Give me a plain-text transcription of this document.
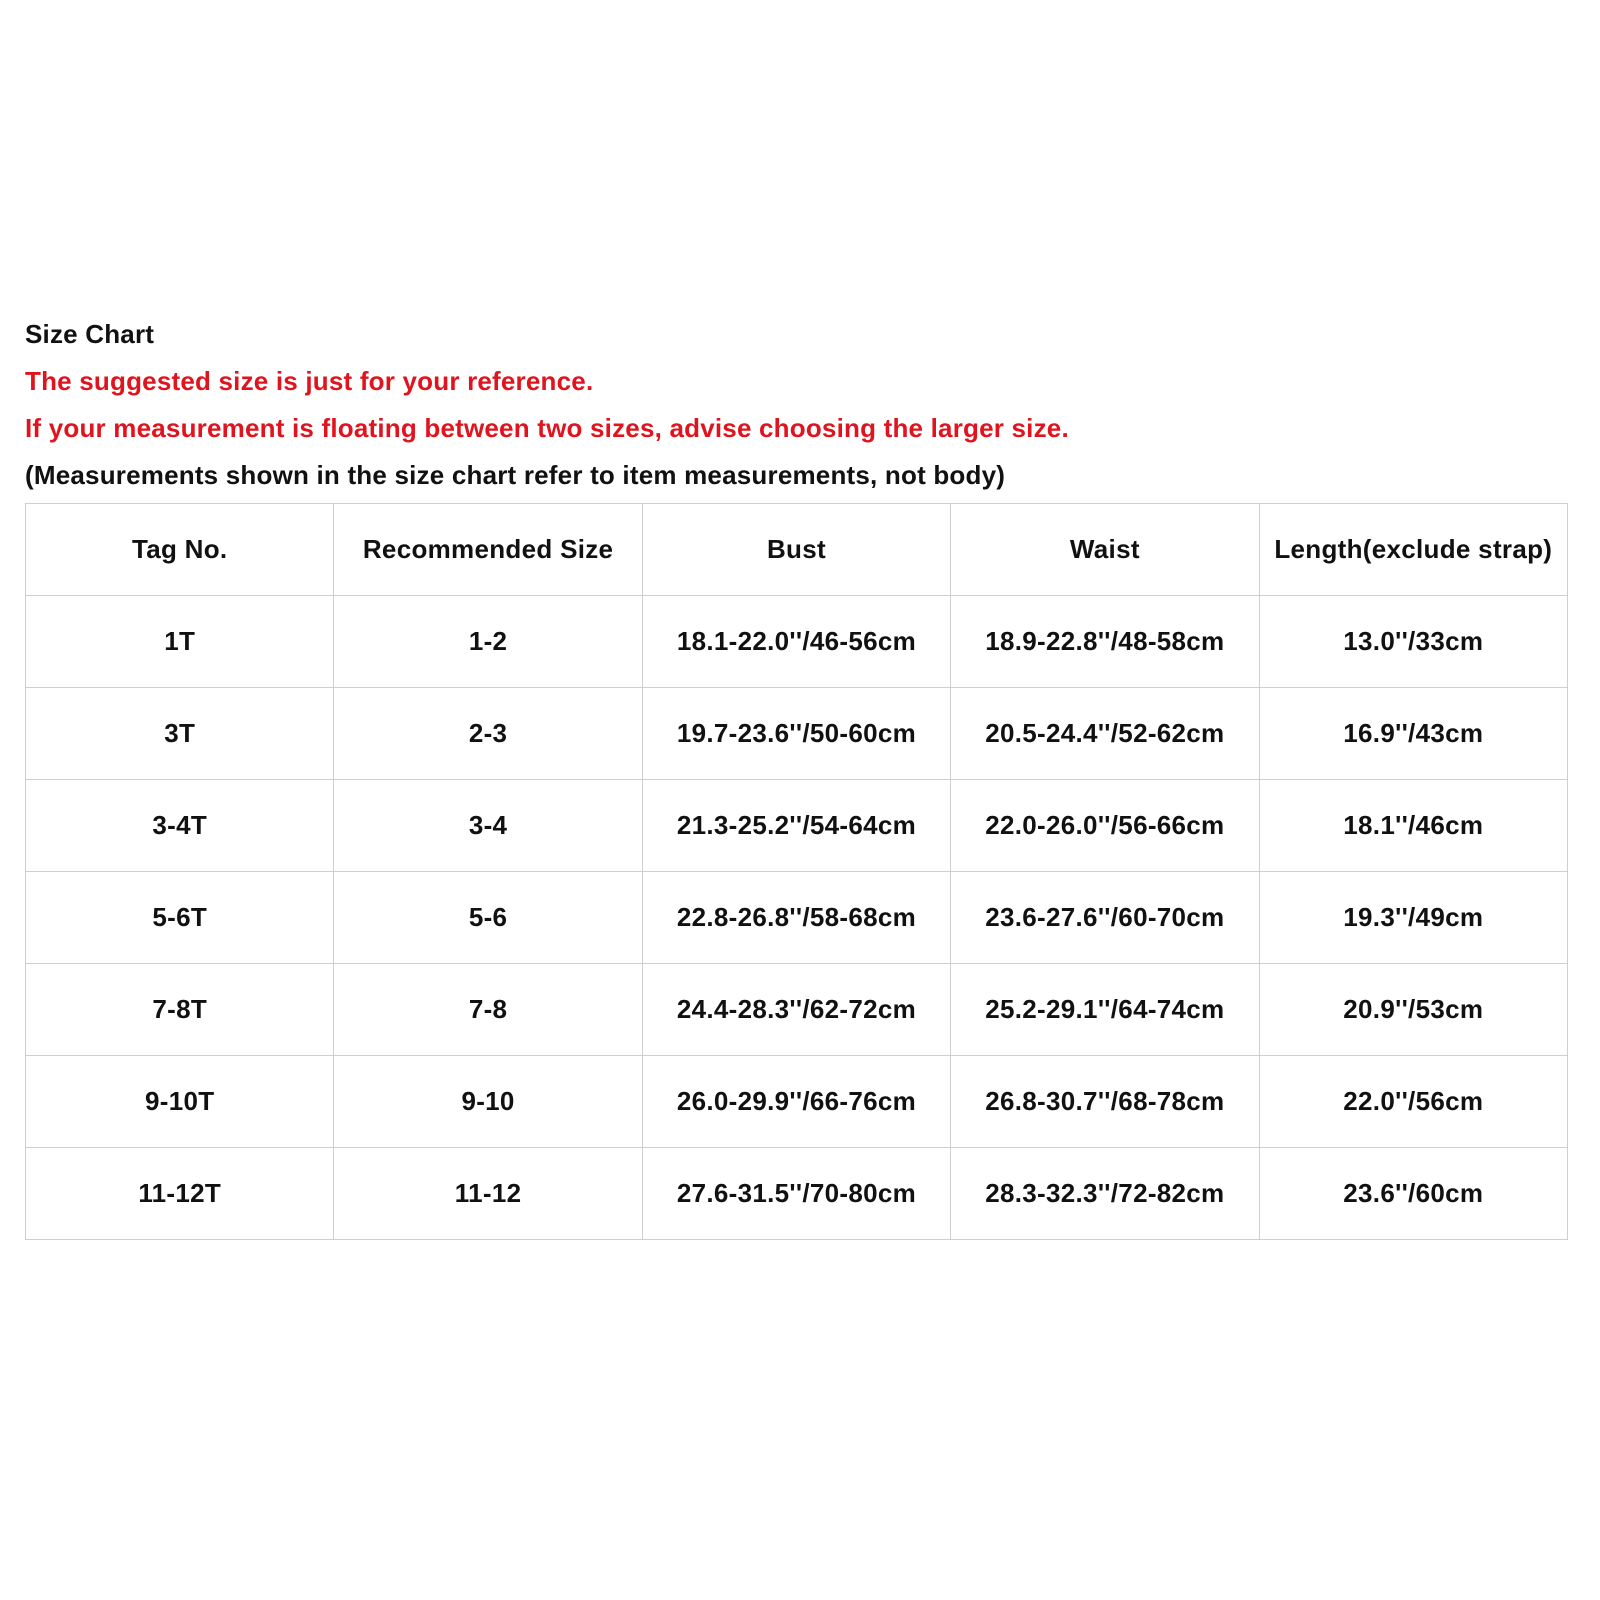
Size Chart
The suggested size is just for your reference.
If your measurement is floating between two sizes, advise choosing the larger size.
(Measurements shown in the size chart refer to item measurements, not body)
Tag No.	Recommended Size	Bust	Waist	Length(exclude strap)
1T	1-2	18.1-22.0''/46-56cm	18.9-22.8''/48-58cm	13.0''/33cm
3T	2-3	19.7-23.6''/50-60cm	20.5-24.4''/52-62cm	16.9''/43cm
3-4T	3-4	21.3-25.2''/54-64cm	22.0-26.0''/56-66cm	18.1''/46cm
5-6T	5-6	22.8-26.8''/58-68cm	23.6-27.6''/60-70cm	19.3''/49cm
7-8T	7-8	24.4-28.3''/62-72cm	25.2-29.1''/64-74cm	20.9''/53cm
9-10T	9-10	26.0-29.9''/66-76cm	26.8-30.7''/68-78cm	22.0''/56cm
11-12T	11-12	27.6-31.5''/70-80cm	28.3-32.3''/72-82cm	23.6''/60cm
